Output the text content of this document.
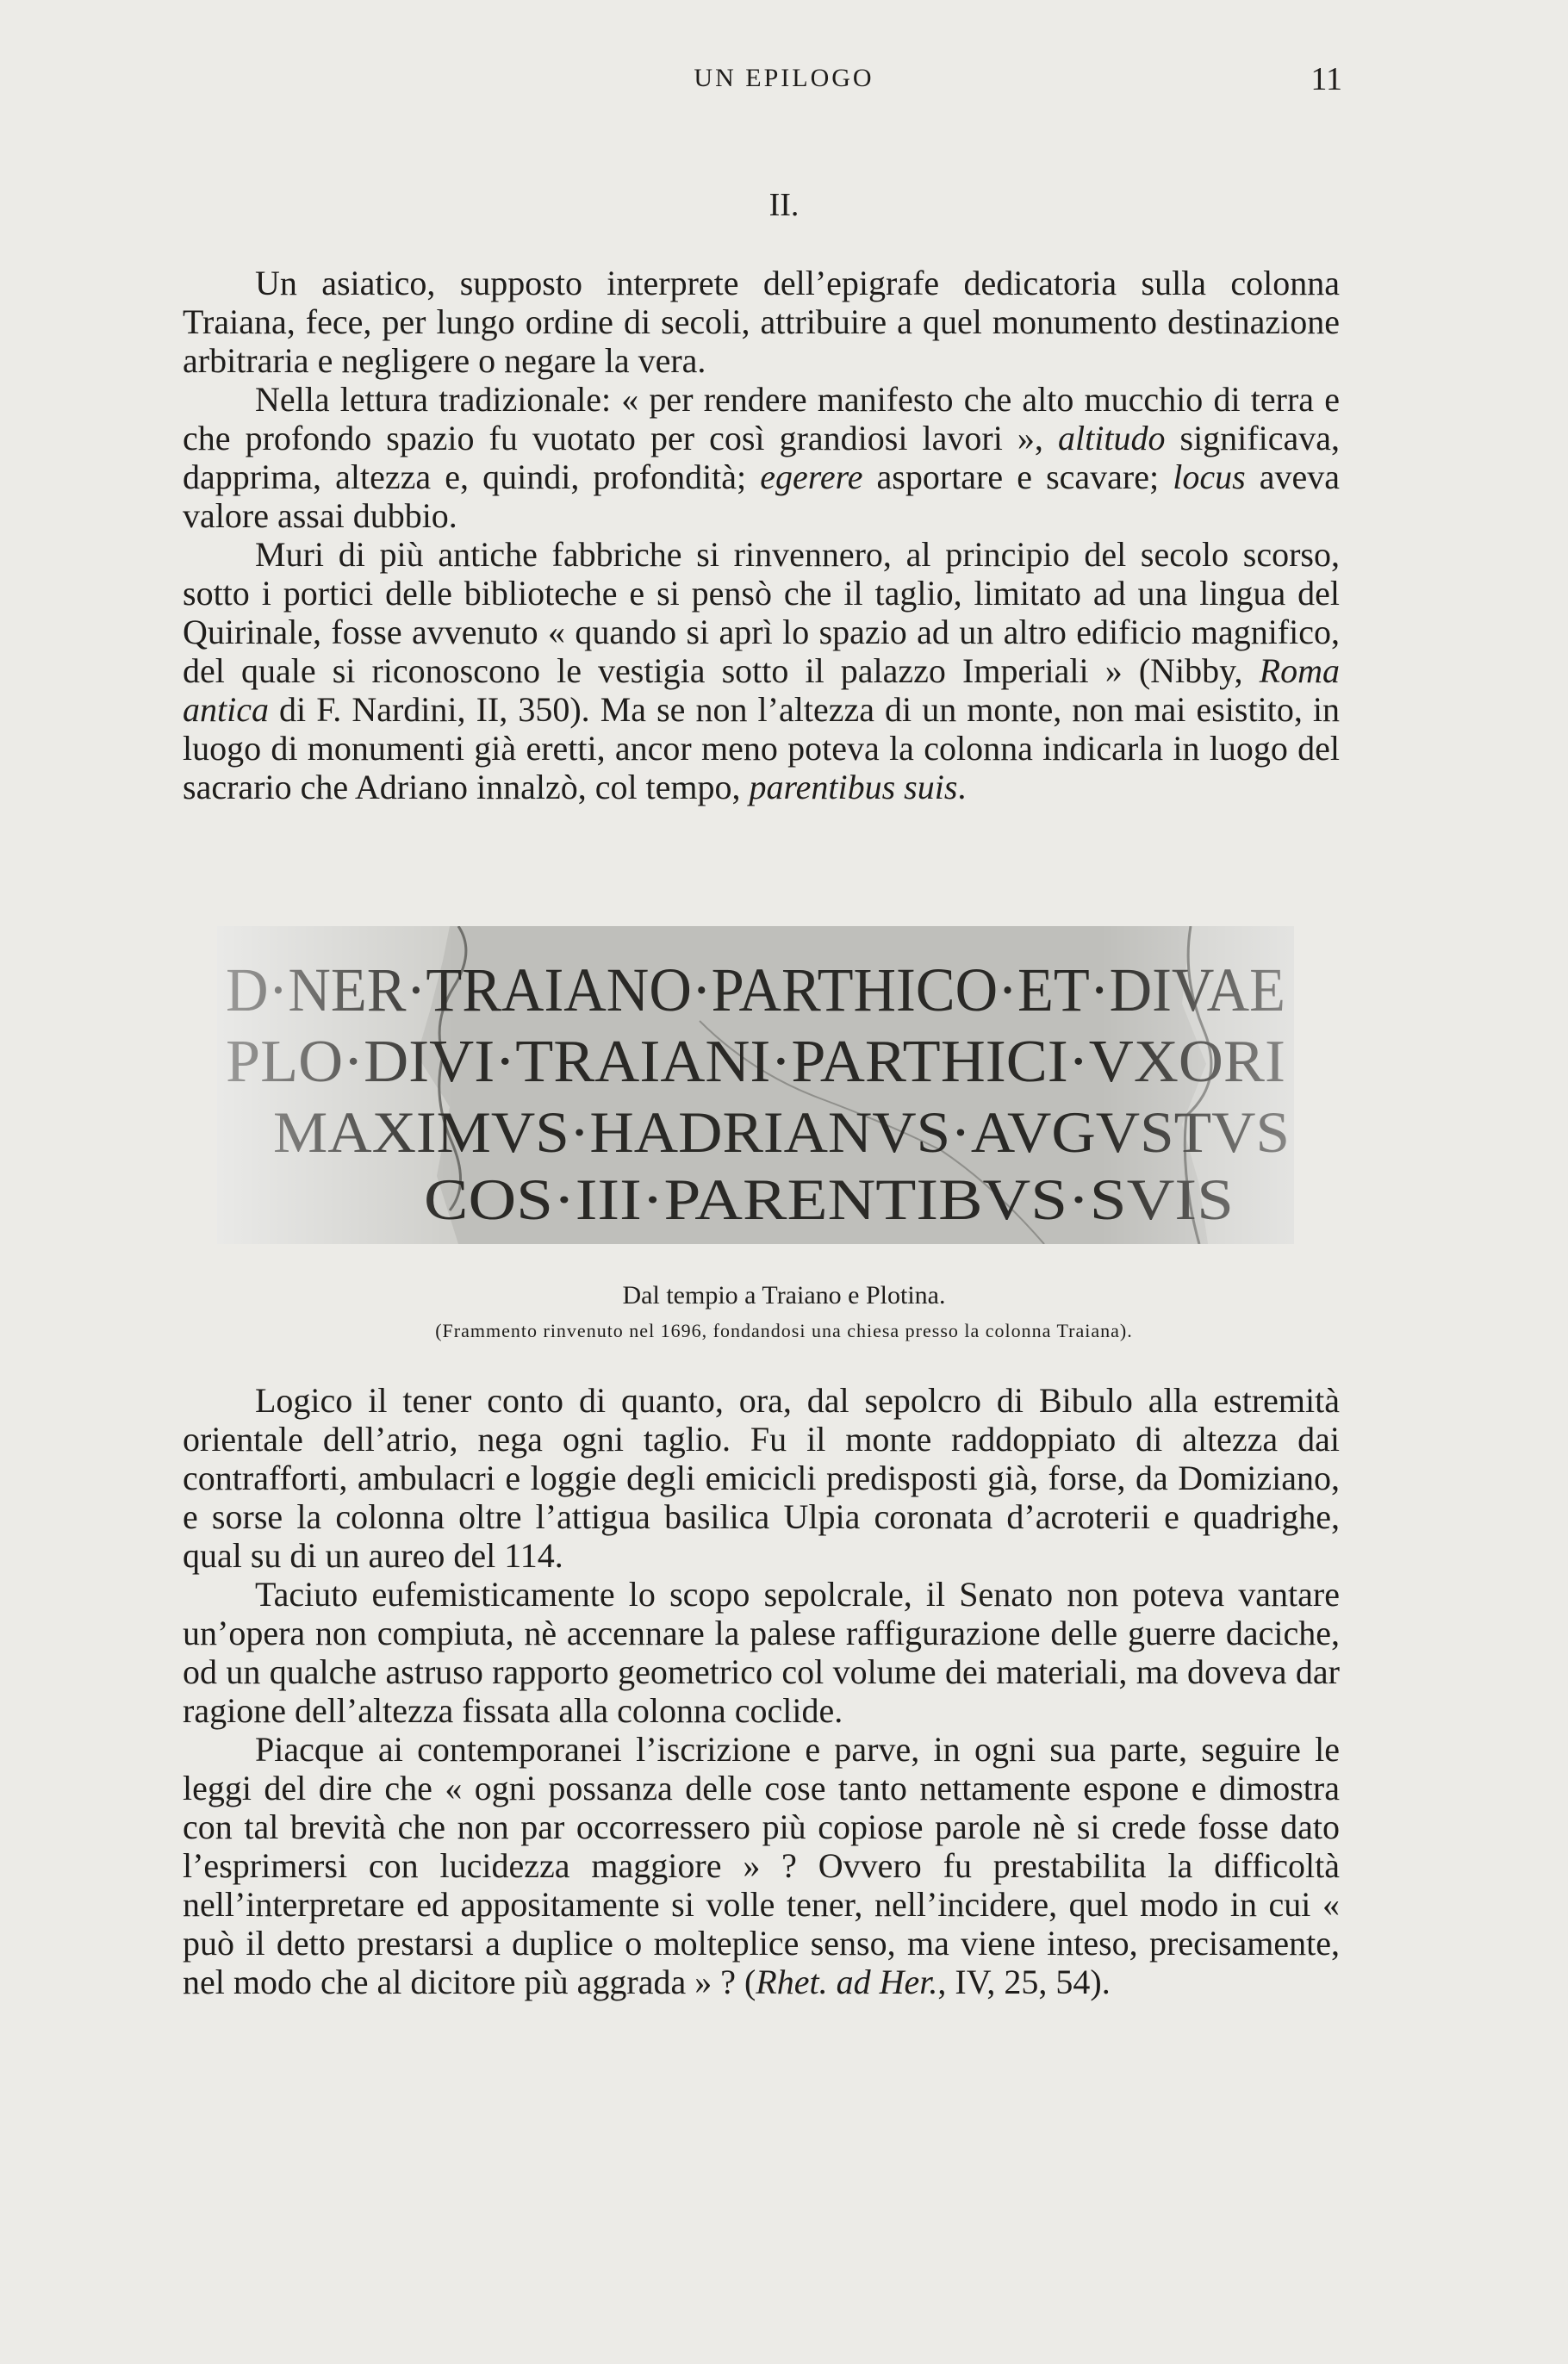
UN EPILOGO	11
II.

Un asiatico, supposto interprete dell’epigrafe dedicatoria sulla colonna Traiana, fece, per lungo ordine di secoli, attribuire a quel monumento destinazione arbitraria e negligere o negare la vera.

Nella lettura tradizionale: « per rendere manifesto che alto mucchio di terra e che profondo spazio fu vuotato per così grandiosi lavori », altitudo significava, dapprima, altezza e, quindi, profondità; egerere asportare e scavare; locus aveva valore assai dubbio.

Muri di più antiche fabbriche si rinvennero, al principio del secolo scorso, sotto i portici delle biblioteche e si pensò che il taglio, limitato ad una lingua del Quirinale, fosse avvenuto « quando si aprì lo spazio ad un altro edificio magnifico, del quale si riconoscono le vestigia sotto il palazzo Imperiali » (Nibby, Roma antica di F. Nardini, II, 350). Ma se non l’altezza di un monte, non mai esistito, in luogo di monumenti già eretti, ancor meno poteva la colonna indicarla in luogo del sacrario che Adriano innalzò, col tempo, parentibus suis.

Dal tempio a Traiano e Plotina.
(Frammento rinvenuto nel 1696, fondandosi una chiesa presso la colonna Traiana).

Logico il tener conto di quanto, ora, dal sepolcro di Bibulo alla estremità orientale dell’atrio, nega ogni taglio. Fu il monte raddoppiato di altezza dai contrafforti, ambulacri e loggie degli emicicli predisposti già, forse, da Domiziano, e sorse la colonna oltre l’attigua basilica Ulpia coronata d’acroterii e quadrighe, qual su di un aureo del 114.

Taciuto eufemisticamente lo scopo sepolcrale, il Senato non poteva vantare un’opera non compiuta, nè accennare la palese raffigurazione delle guerre daciche, od un qualche astruso rapporto geometrico col volume dei materiali, ma doveva dar ragione dell’altezza fissata alla colonna coclide.

Piacque ai contemporanei l’iscrizione e parve, in ogni sua parte, seguire le leggi del dire che « ogni possanza delle cose tanto nettamente espone e dimostra con tal brevità che non par occorressero più copiose parole nè si crede fosse dato l’esprimersi con lucidezza maggiore » ? Ovvero fu prestabilita la difficoltà nell’interpretare ed appositamente si volle tener, nell’incidere, quel modo in cui « può il detto prestarsi a duplice o molteplice senso, ma viene inteso, precisamente, nel modo che al dicitore più aggrada » ? (Rhet. ad Her., IV, 25, 54).
